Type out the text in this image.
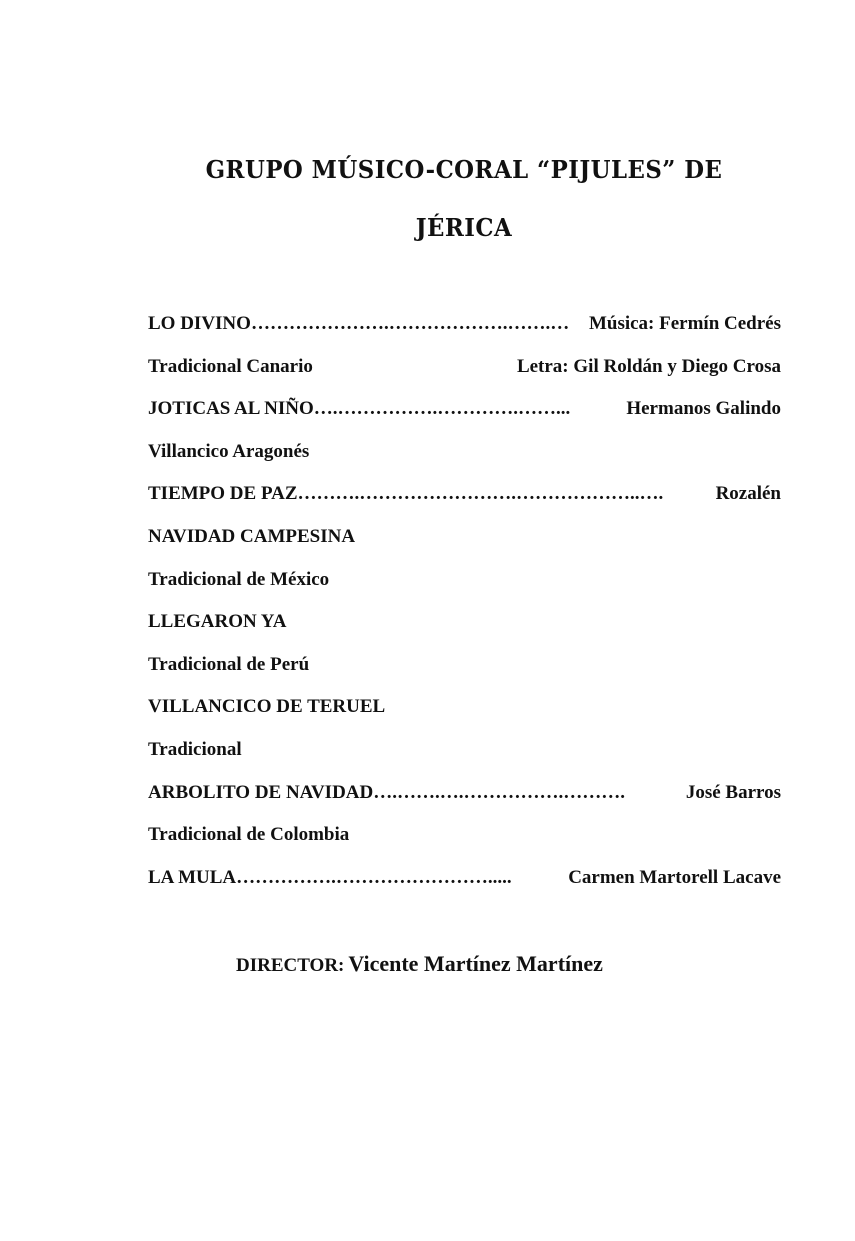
GRUPO MÚSICO-CORAL “PIJULES” DE
JÉRICA
LO DIVINO ………………….……………….…….…	Música: Fermín Cedrés
Tradicional Canario	Letra: Gil Roldán y Diego Crosa
JOTICAS AL NIÑO ….…………….………….……...	Hermanos Galindo
Villancico Aragonés
TIEMPO DE PAZ ……….…………………….………………..….	Rozalén
NAVIDAD CAMPESINA
Tradicional de México
LLEGARON YA
Tradicional de Perú
VILLANCICO DE TERUEL
Tradicional
ARBOLITO DE NAVIDAD ….…….….…………….……….	José Barros
Tradicional de Colombia
LA MULA …………….…………………….....	Carmen Martorell Lacave
DIRECTOR: Vicente Martínez Martínez
